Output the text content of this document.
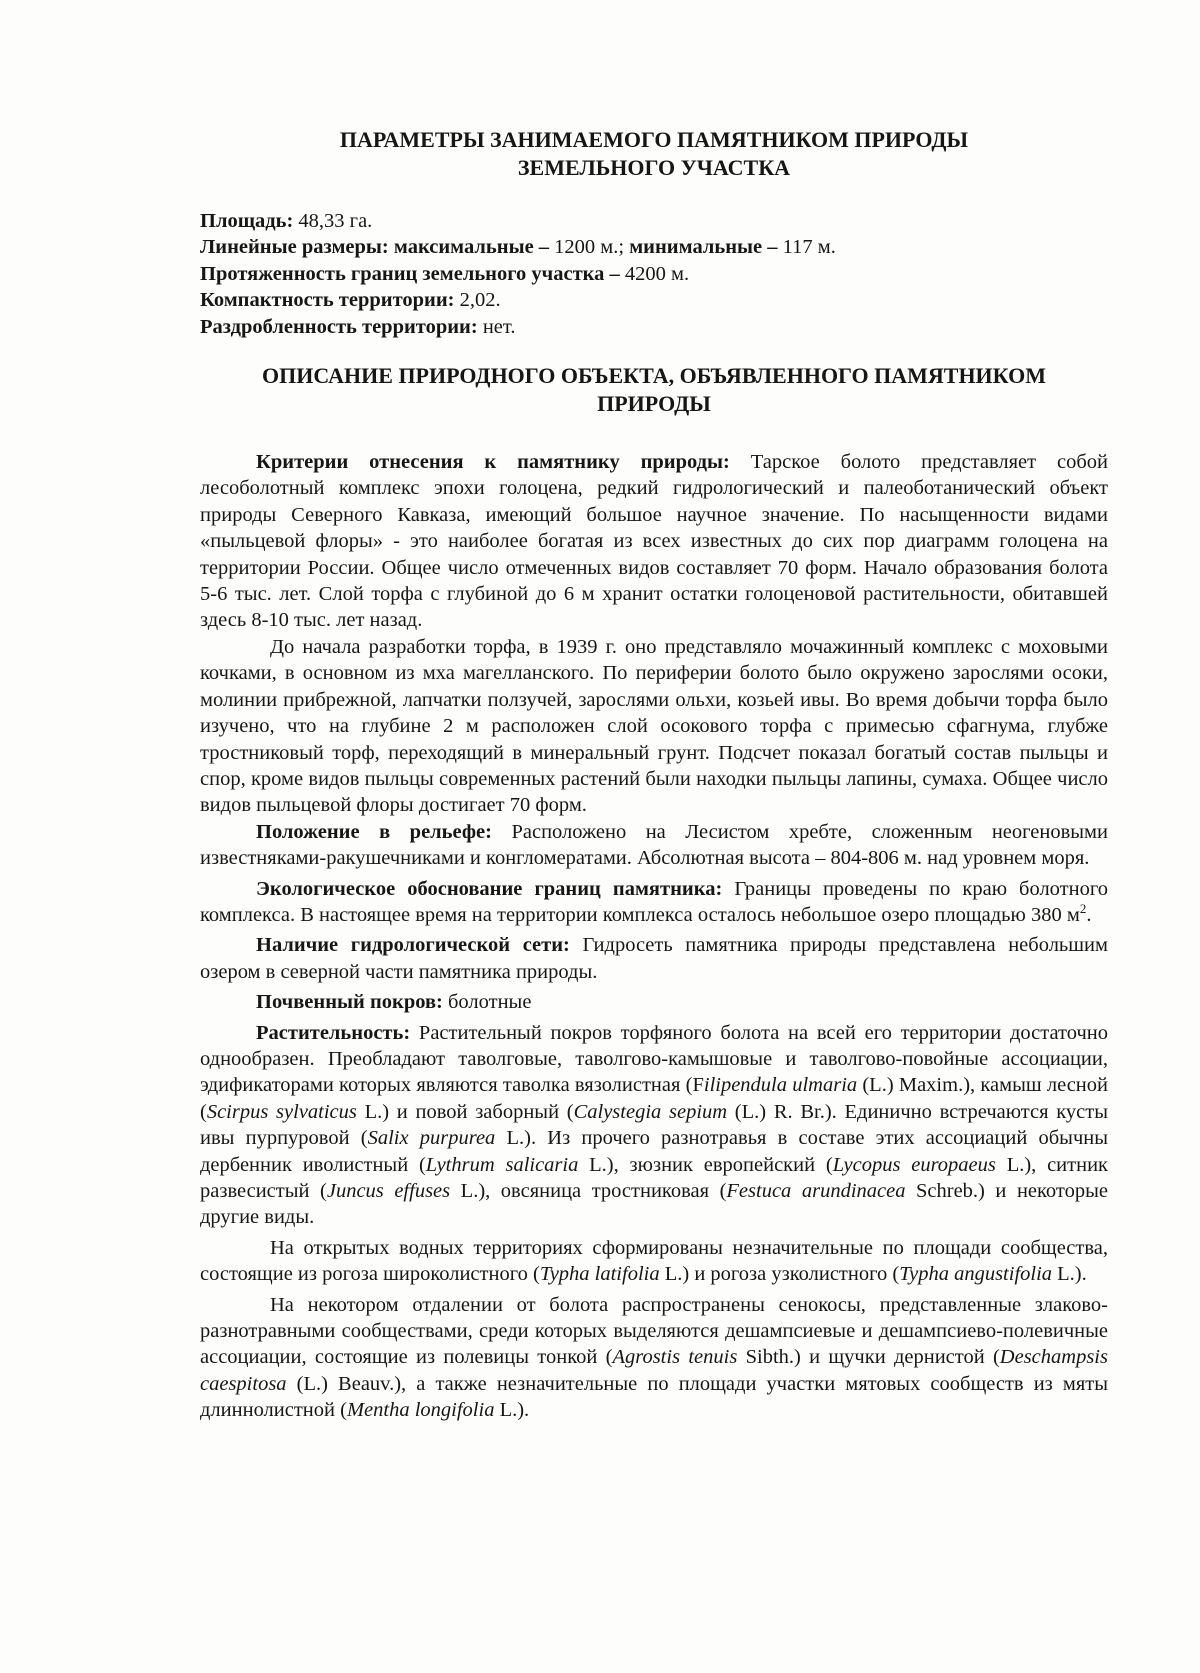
ПАРАМЕТРЫ ЗАНИМАЕМОГО ПАМЯТНИКОМ ПРИРОДЫ
ЗЕМЕЛЬНОГО УЧАСТКА
Площадь: 48,33 га.
Линейные размеры: максимальные – 1200 м.; минимальные – 117 м.
Протяженность границ земельного участка – 4200 м.
Компактность территории: 2,02.
Раздробленность территории: нет.
ОПИСАНИЕ ПРИРОДНОГО ОБЪЕКТА, ОБЪЯВЛЕННОГО ПАМЯТНИКОМ
ПРИРОДЫ

Критерии отнесения к памятнику природы: Тарское болото представляет собой лесоболотный комплекс эпохи голоцена, редкий гидрологический и палеоботанический объект природы Северного Кавказа, имеющий большое научное значение. По насыщенности видами «пыльцевой флоры» - это наиболее богатая из всех известных до сих пор диаграмм голоцена на территории России. Общее число отмеченных видов составляет 70 форм. Начало образования болота 5-6 тыс. лет. Слой торфа с глубиной до 6 м хранит остатки голоценовой растительности, обитавшей здесь 8-10 тыс. лет назад.

До начала разработки торфа, в 1939 г. оно представляло мочажинный комплекс с моховыми кочками, в основном из мха магелланского. По периферии болото было окружено зарослями осоки, молинии прибрежной, лапчатки ползучей, зарослями ольхи, козьей ивы. Во время добычи торфа было изучено, что на глубине 2 м расположен слой осокового торфа с примесью сфагнума, глубже тростниковый торф, переходящий в минеральный грунт. Подсчет показал богатый состав пыльцы и спор, кроме видов пыльцы современных растений были находки пыльцы лапины, сумаха. Общее число видов пыльцевой флоры достигает 70 форм.

Положение в рельефе: Расположено на Лесистом хребте, сложенным неогеновыми известняками-ракушечниками и конгломератами. Абсолютная высота – 804-806 м. над уровнем моря.

Экологическое обоснование границ памятника: Границы проведены по краю болотного комплекса. В настоящее время на территории комплекса осталось небольшое озеро площадью 380 $м^2$.

Наличие гидрологической сети: Гидросеть памятника природы представлена небольшим озером в северной части памятника природы.

Почвенный покров: болотные

Растительность: Растительный покров торфяного болота на всей его территории достаточно однообразен. Преобладают таволговые, таволгово-камышовые и таволгово-повойные ассоциации, эдификаторами которых являются таволка вязолистная (Filipendula ulmaria (L.) Maxim.), камыш лесной (Scirpus sylvaticus L.) и повой заборный (Calystegia sepium (L.) R. Br.). Единично встречаются кусты ивы пурпуровой (Salix purpurea L.). Из прочего разнотравья в составе этих ассоциаций обычны дербенник иволистный (Lythrum salicaria L.), зюзник европейский (Lycopus europaeus L.), ситник развесистый (Juncus effuses L.), овсяница тростниковая (Festuca arundinacea Schreb.) и некоторые другие виды.

На открытых водных территориях сформированы незначительные по площади сообщества, состоящие из рогоза широколистного (Typha latifolia L.) и рогоза узколистного (Typha angustifolia L.).

На некотором отдалении от болота распространены сенокосы, представленные злаково-разнотравными сообществами, среди которых выделяются дешампсиевые и дешампсиево-полевичные ассоциации, состоящие из полевицы тонкой (Agrostis tenuis Sibth.) и щучки дернистой (Deschampsis caespitosa (L.) Beauv.), а также незначительные по площади участки мятовых сообществ из мяты длиннолистной (Mentha longifolia L.).
